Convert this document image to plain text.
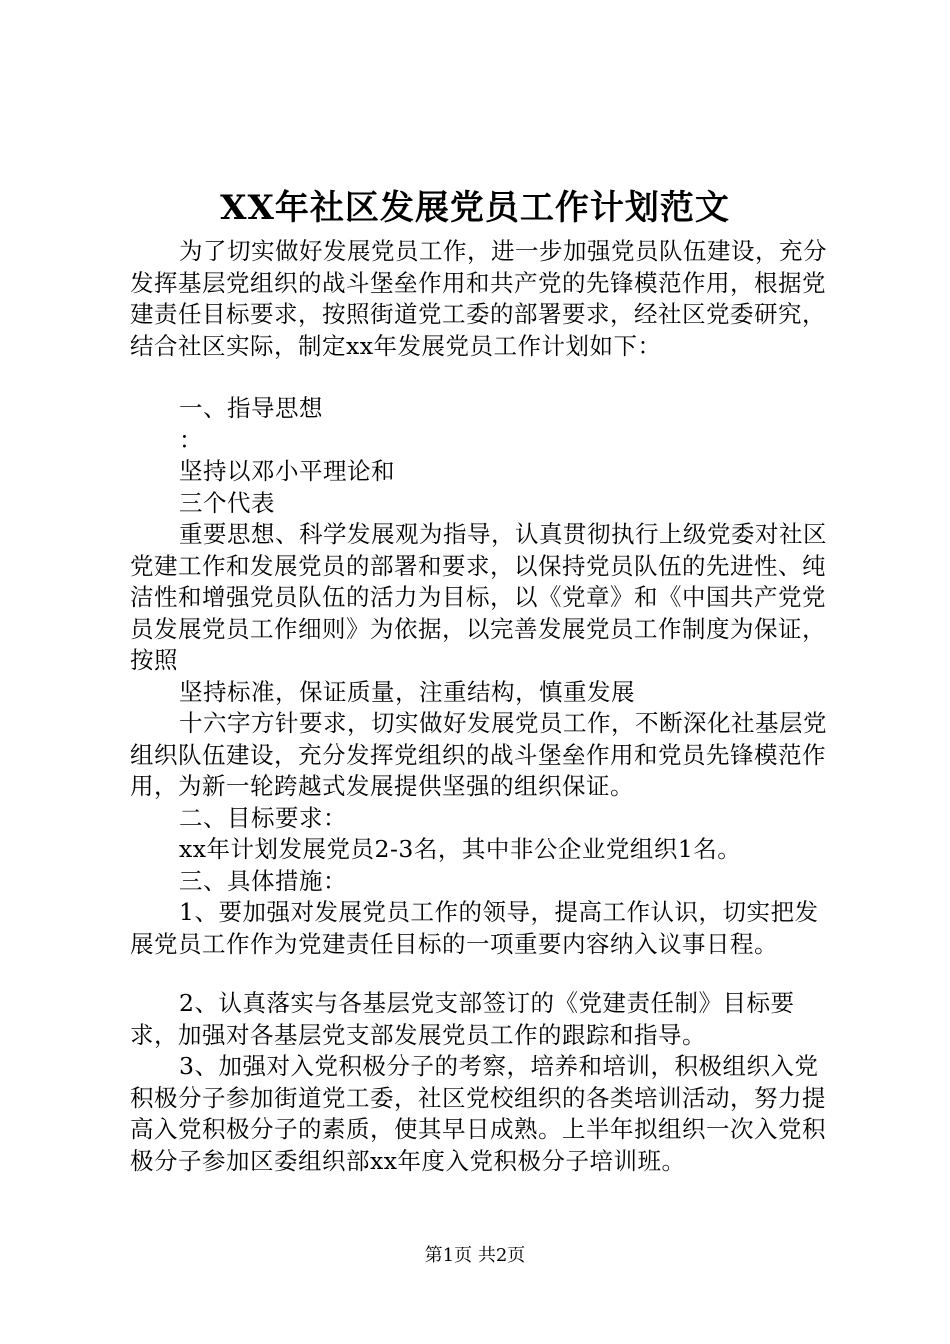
XX年社区发展党员工作计划范文

为了切实做好发展党员工作，进一步加强党员队伍建设，充分发挥基层党组织的战斗堡垒作用和共产党的先锋模范作用，根据党建责任目标要求，按照街道党工委的部署要求，经社区党委研究，结合社区实际，制定xx年发展党员工作计划如下：

一、指导思想

：

坚持以邓小平理论和

三个代表

重要思想、科学发展观为指导，认真贯彻执行上级党委对社区党建工作和发展党员的部署和要求，以保持党员队伍的先进性、纯洁性和增强党员队伍的活力为目标，以《党章》和《中国共产党党员发展党员工作细则》为依据，以完善发展党员工作制度为保证，按照

坚持标准，保证质量，注重结构，慎重发展

十六字方针要求，切实做好发展党员工作，不断深化社基层党组织队伍建设，充分发挥党组织的战斗堡垒作用和党员先锋模范作用，为新一轮跨越式发展提供坚强的组织保证。

二、目标要求：

xx年计划发展党员2-3名，其中非公企业党组织1名。

三、具体措施：

1、要加强对发展党员工作的领导，提高工作认识，切实把发展党员工作作为党建责任目标的一项重要内容纳入议事日程。

2、认真落实与各基层党支部签订的《党建责任制》目标要求，加强对各基层党支部发展党员工作的跟踪和指导。

3、加强对入党积极分子的考察，培养和培训，积极组织入党积极分子参加街道党工委，社区党校组织的各类培训活动，努力提高入党积极分子的素质，使其早日成熟。上半年拟组织一次入党积极分子参加区委组织部xx年度入党积极分子培训班。

第1页 共2页
